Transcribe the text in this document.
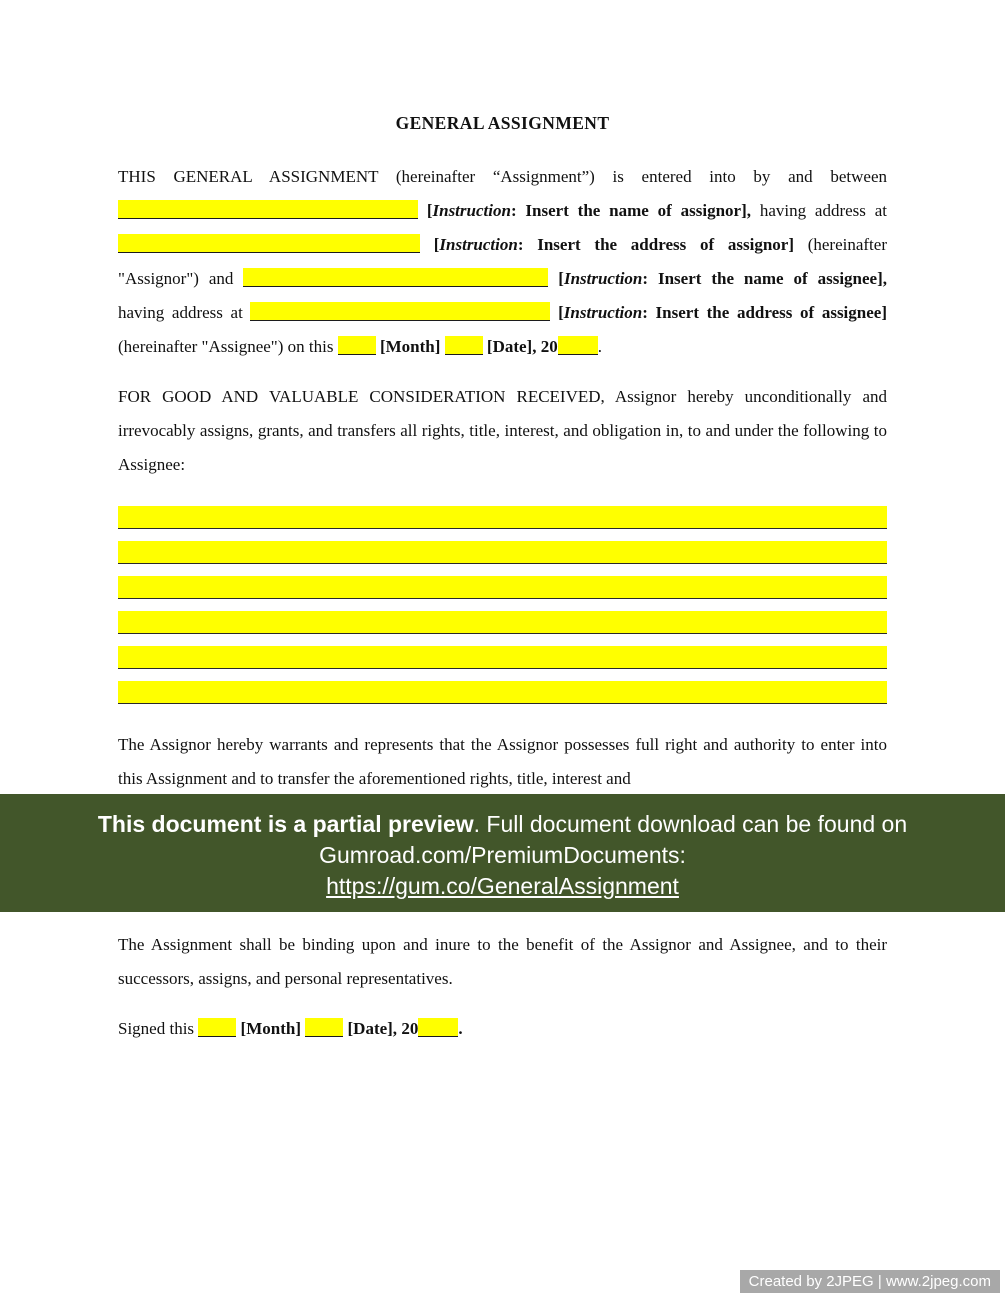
GENERAL ASSIGNMENT

THIS GENERAL ASSIGNMENT (hereinafter “Assignment”) is entered into by and between  [Instruction: Insert the name of assignor], having address at  [Instruction: Insert the address of assignor] (hereinafter "Assignor") and	[Instruction: Insert the name of assignee], having address at	[Instruction: Insert the address of assignee] (hereinafter "Assignee") on this  [Month]  [Date], 20 .

FOR GOOD AND VALUABLE CONSIDERATION RECEIVED, Assignor hereby unconditionally and irrevocably assigns, grants, and transfers all rights, title, interest, and obligation in, to and under the following to Assignee:

The Assignor hereby warrants and represents that the Assignor possesses full right and authority to enter into this Assignment and to transfer the aforementioned rights, title, interest and

This document is a partial preview. Full document download can be found on Gumroad.com/PremiumDocuments:
https://gum.co/GeneralAssignment

The Assignment shall be binding upon and inure to the benefit of the Assignor and Assignee, and to their successors, assigns, and personal representatives.

Signed this  [Month]  [Date], 20 .

Created by 2JPEG | www.2jpeg.com
